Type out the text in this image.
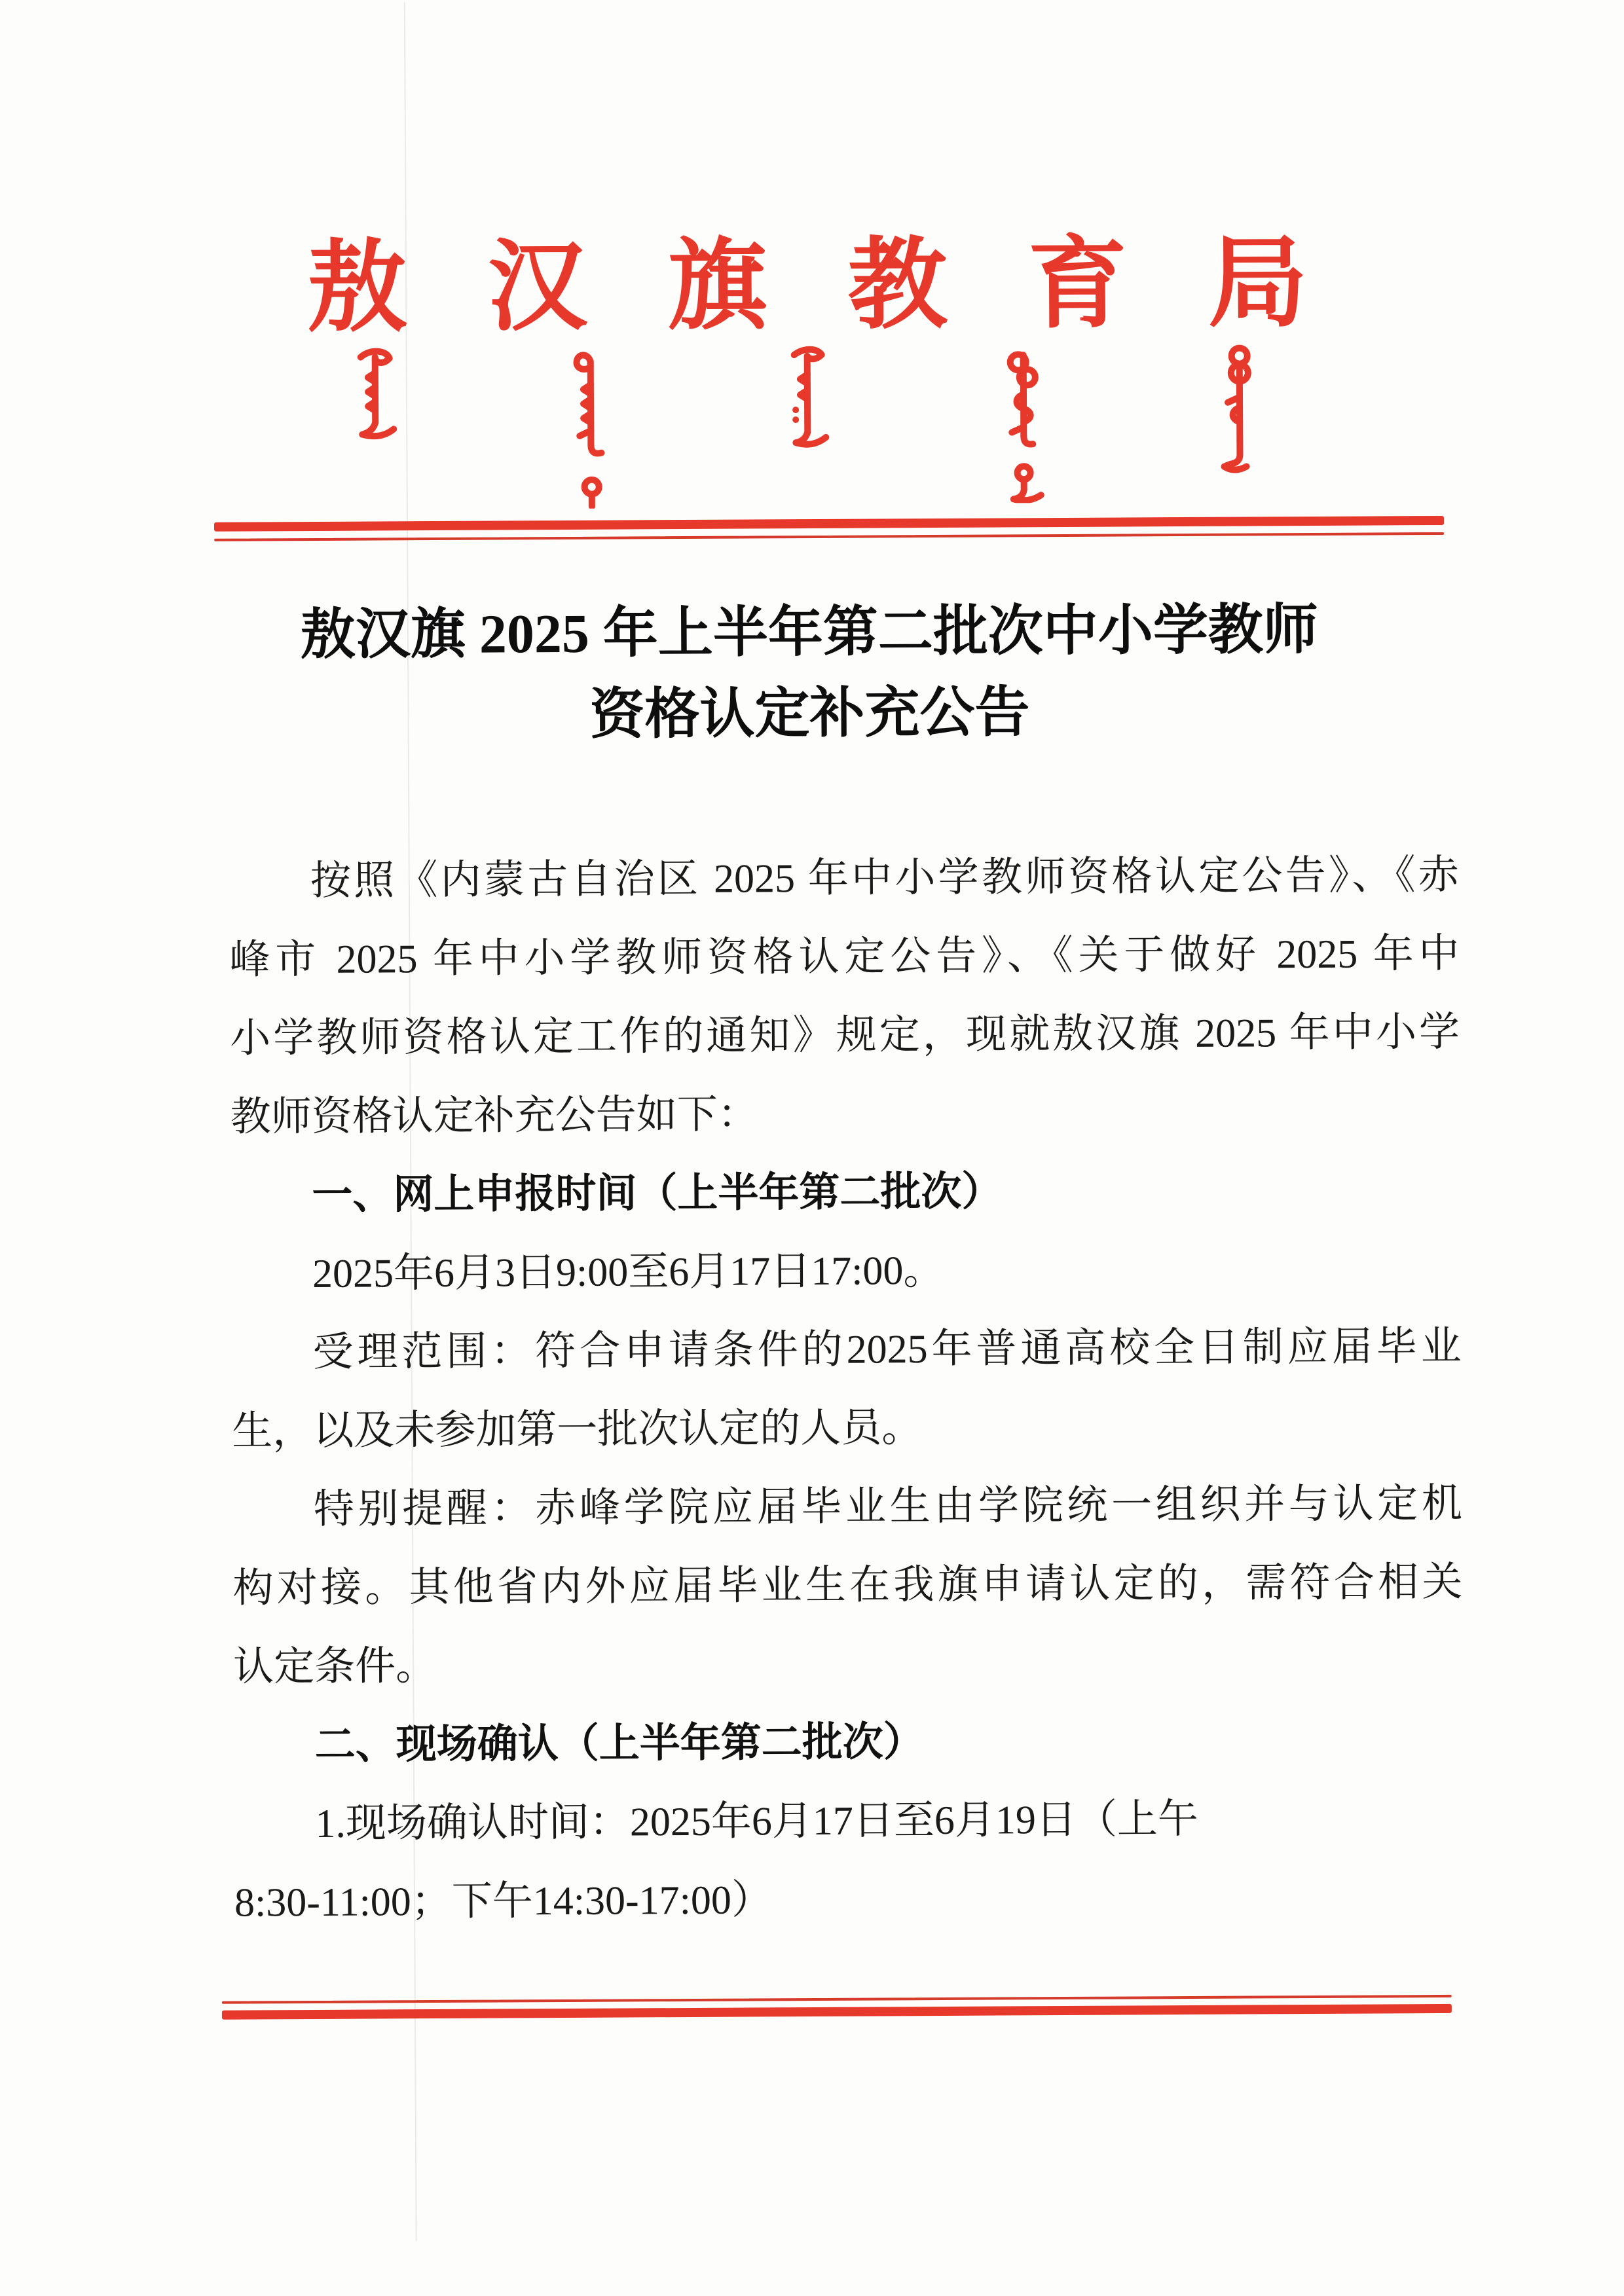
敖 汉 旗 教 育 局
敖汉旗 2025 年上半年第二批次中小学教师
资格认定补充公告
按照《内蒙古自治区 2025 年中小学教师资格认定公告》、《赤
峰市 2025 年中小学教师资格认定公告》、《关于做好 2025 年中
小学教师资格认定工作的通知》规定，现就敖汉旗 2025 年中小学
教师资格认定补充公告如下：
一、网上申报时间（上半年第二批次）
2025年6月3日9:00至6月17日17:00。
受理范围：符合申请条件的2025年普通高校全日制应届毕业
生，以及未参加第一批次认定的人员。
特别提醒：赤峰学院应届毕业生由学院统一组织并与认定机
构对接。其他省内外应届毕业生在我旗申请认定的，需符合相关
认定条件。
二、现场确认（上半年第二批次）
1.现场确认时间：2025年6月17日至6月19日（上午
8:30-11:00；下午14:30-17:00）
